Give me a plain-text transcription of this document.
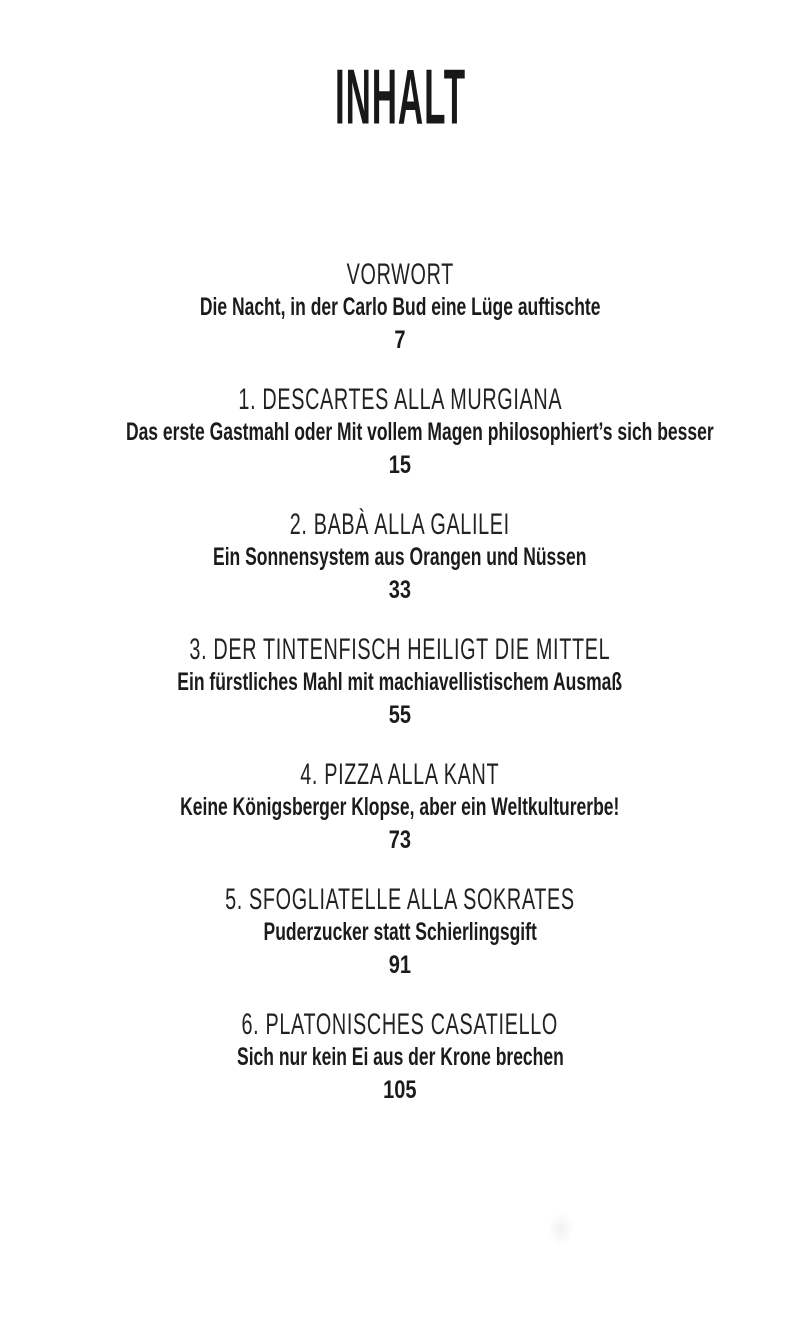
INHALT
VORWORT

Die Nacht, in der Carlo Bud eine Lüge auftischte

7

1. DESCARTES ALLA MURGIANA

Das erste Gastmahl oder Mit vollem Magen philosophiert’s sich besser

15

2. BABÀ ALLA GALILEI

Ein Sonnensystem aus Orangen und Nüssen

33

3. DER TINTENFISCH HEILIGT DIE MITTEL

Ein fürstliches Mahl mit machiavellistischem Ausmaß

55

4. PIZZA ALLA KANT

Keine Königsberger Klopse, aber ein Weltkulturerbe!

73

5. SFOGLIATELLE ALLA SOKRATES

Puderzucker statt Schierlingsgift

91

6. PLATONISCHES CASATIELLO

Sich nur kein Ei aus der Krone brechen

105
